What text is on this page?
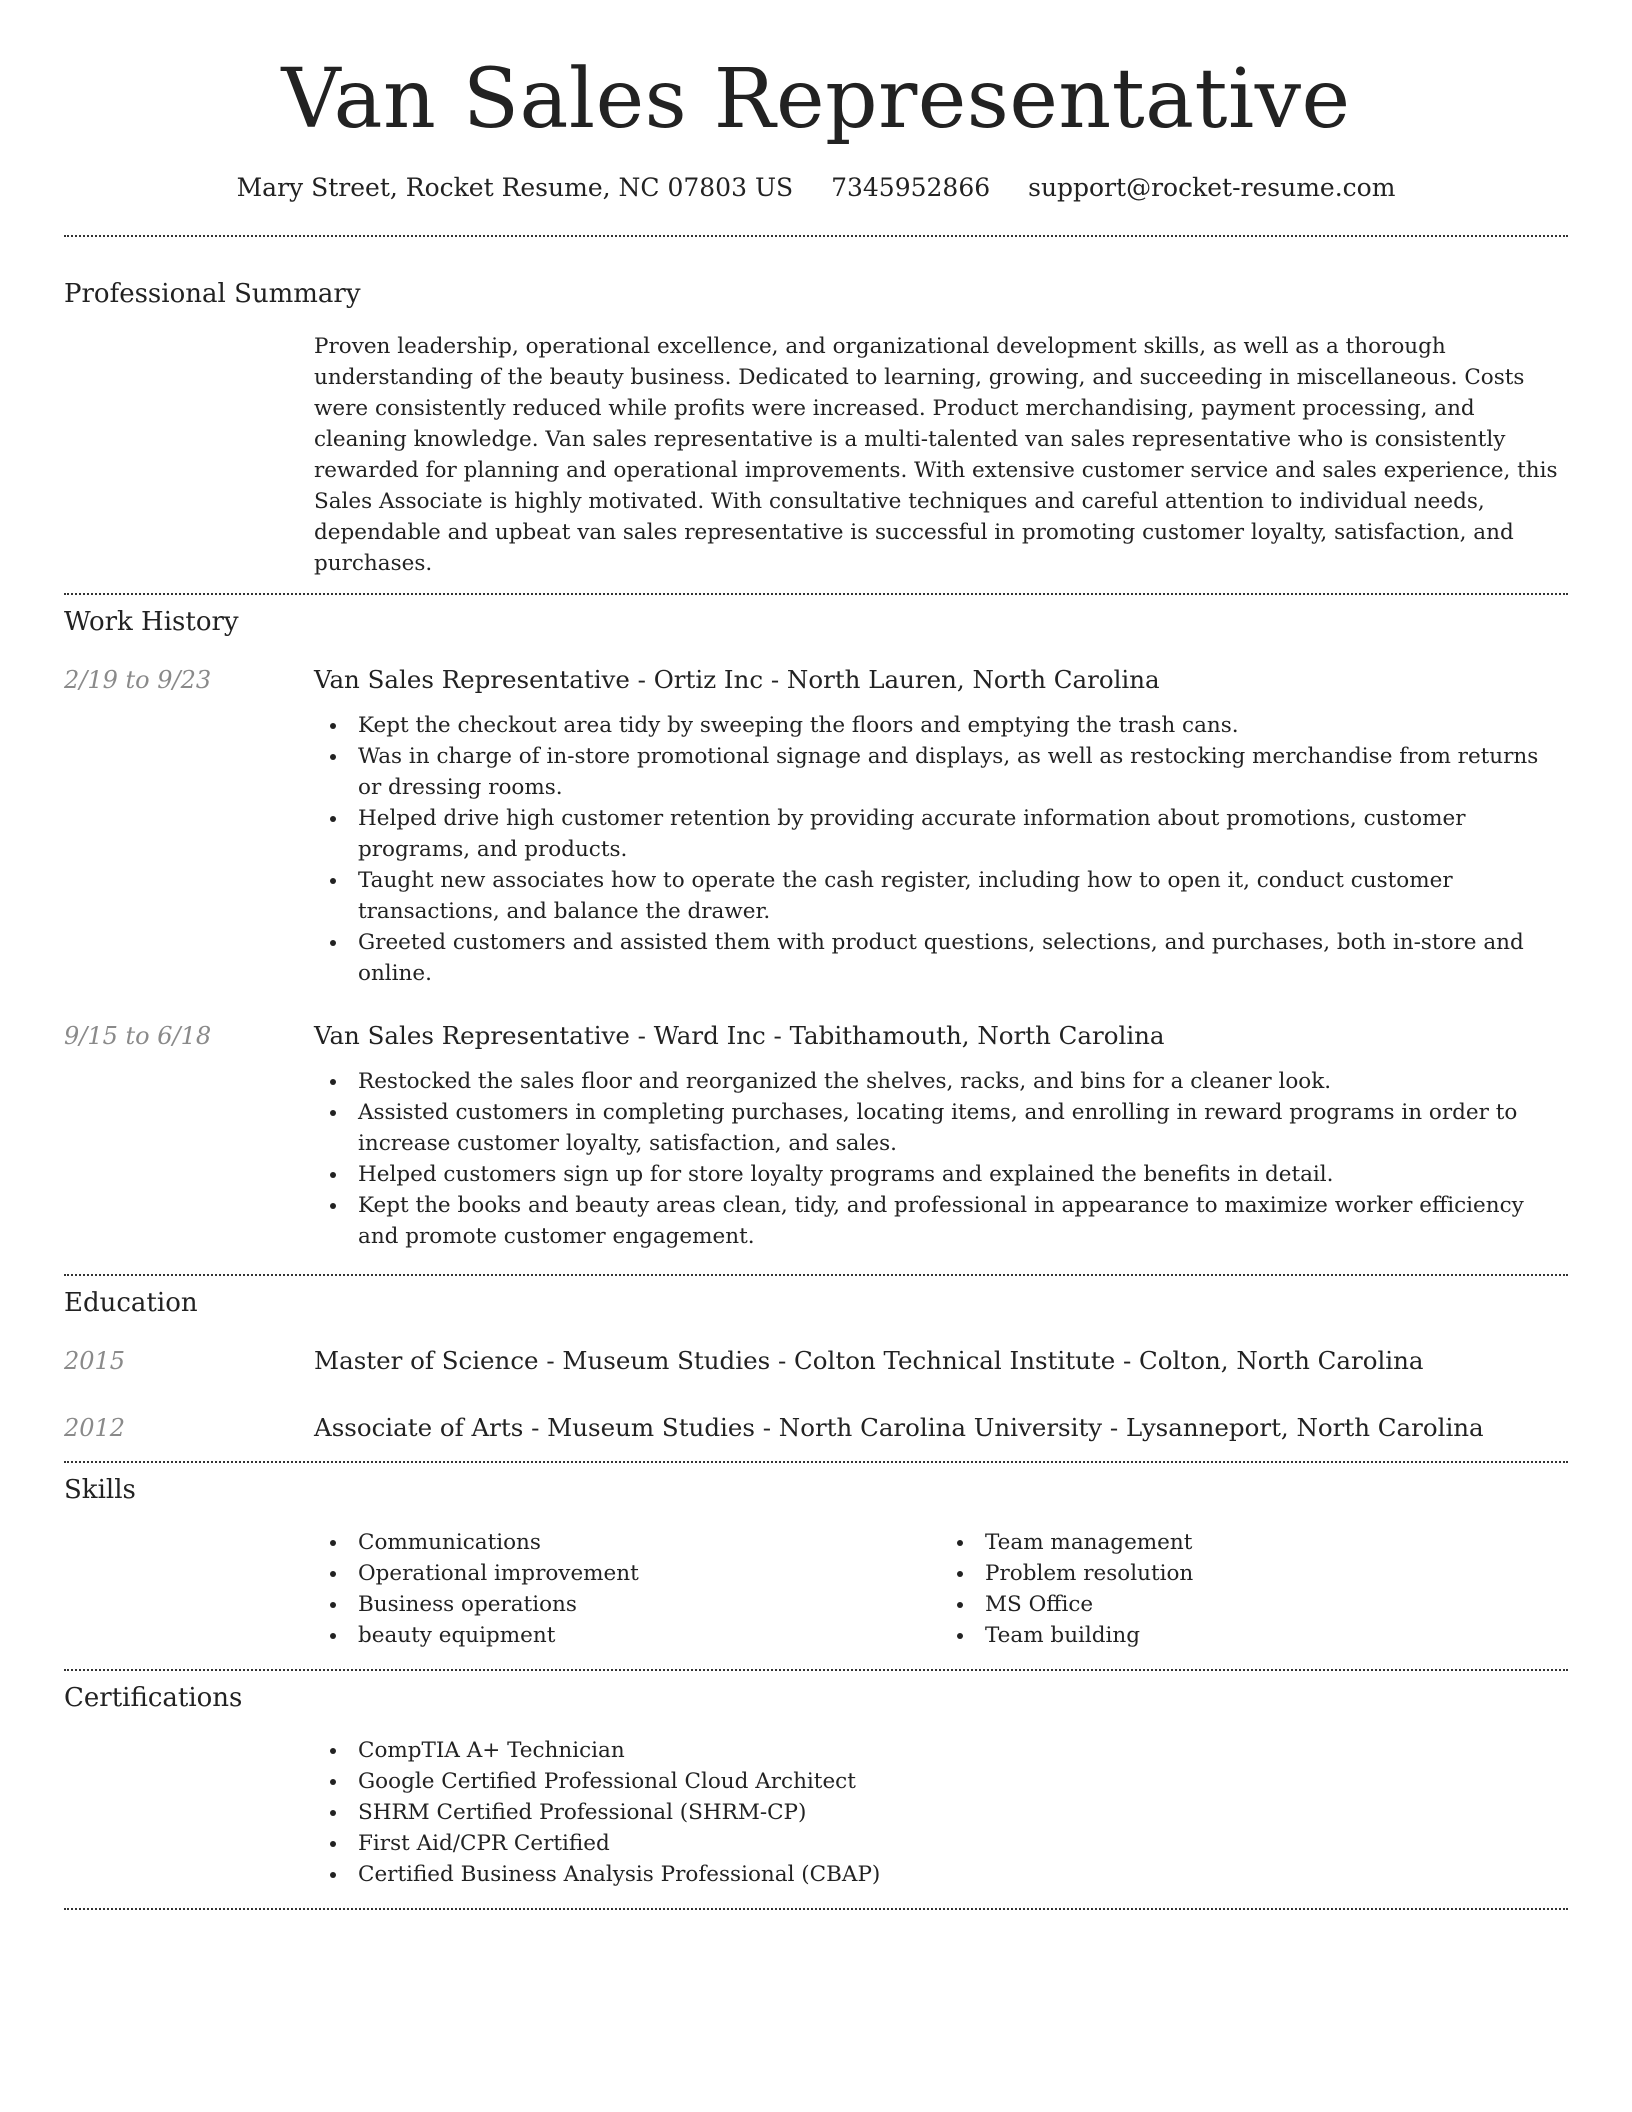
Van Sales Representative
Mary Street, Rocket Resume, NC 07803 US 7345952866 support@rocket-resume.com
Professional Summary

Proven leadership, operational excellence, and organizational development skills, as well as a thorough understanding of the beauty business. Dedicated to learning, growing, and succeeding in miscellaneous. Costs were consistently reduced while profits were increased. Product merchandising, payment processing, and cleaning knowledge. Van sales representative is a multi-talented van sales representative who is consistently rewarded for planning and operational improvements. With extensive customer service and sales experience, this Sales Associate is highly motivated. With consultative techniques and careful attention to individual needs, dependable and upbeat van sales representative is successful in promoting customer loyalty, satisfaction, and purchases.

Work History
2/19 to 9/23	Van Sales Representative - Ortiz Inc - North Lauren, North Carolina
Kept the checkout area tidy by sweeping the floors and emptying the trash cans.
Was in charge of in-store promotional signage and displays, as well as restocking merchandise from returns or dressing rooms.
Helped drive high customer retention by providing accurate information about promotions, customer programs, and products.
Taught new associates how to operate the cash register, including how to open it, conduct customer transactions, and balance the drawer.
Greeted customers and assisted them with product questions, selections, and purchases, both in-store and online.
9/15 to 6/18	Van Sales Representative - Ward Inc - Tabithamouth, North Carolina
Restocked the sales floor and reorganized the shelves, racks, and bins for a cleaner look.
Assisted customers in completing purchases, locating items, and enrolling in reward programs in order to increase customer loyalty, satisfaction, and sales.
Helped customers sign up for store loyalty programs and explained the benefits in detail.
Kept the books and beauty areas clean, tidy, and professional in appearance to maximize worker efficiency and promote customer engagement.
Education
2015	Master of Science - Museum Studies - Colton Technical Institute - Colton, North Carolina
2012	Associate of Arts - Museum Studies - North Carolina University - Lysanneport, North Carolina
Skills
Communications
Operational improvement
Business operations
beauty equipment
Team management
Problem resolution
MS Office
Team building
Certifications
CompTIA A+ Technician
Google Certified Professional Cloud Architect
SHRM Certified Professional (SHRM-CP)
First Aid/CPR Certified
Certified Business Analysis Professional (CBAP)
